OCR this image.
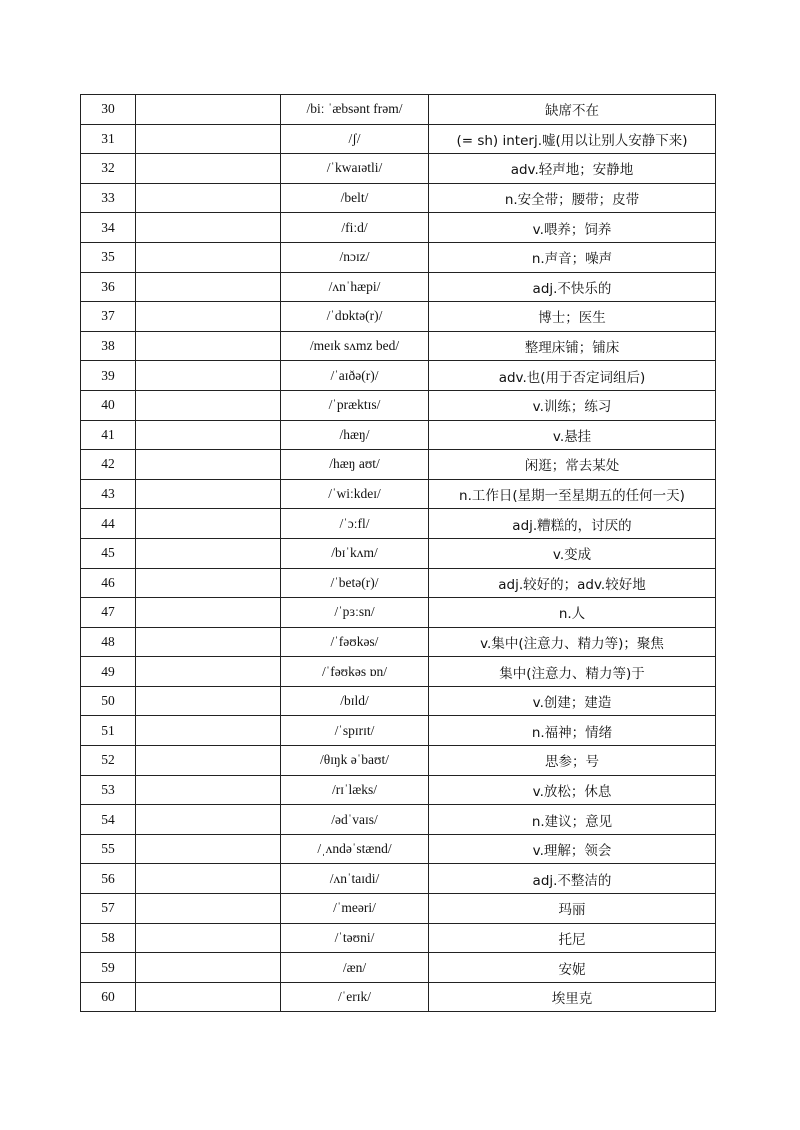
30		/biː ˈæbsənt frəm/	缺席不在
31		/ʃ/	(= sh) interj.嘘(用以让别人安静下来)
32		/ˈkwaɪətli/	adv.轻声地；安静地
33		/belt/	n.安全带；腰带；皮带
34		/fiːd/	v.喂养；饲养
35		/nɔɪz/	n.声音；噪声
36		/ʌnˈhæpi/	adj.不快乐的
37		/ˈdɒktə(r)/	博士；医生
38		/meɪk sʌmz bed/	整理床铺；铺床
39		/ˈaɪðə(r)/	adv.也(用于否定词组后)
40		/ˈpræktɪs/	v.训练；练习
41		/hæŋ/	v.悬挂
42		/hæŋ aʊt/	闲逛；常去某处
43		/ˈwiːkdeɪ/	n.工作日(星期一至星期五的任何一天)
44		/ˈɔːfl/	adj.糟糕的，讨厌的
45		/bɪˈkʌm/	v.变成
46		/ˈbetə(r)/	adj.较好的；adv.较好地
47		/ˈpɜːsn/	n.人
48		/ˈfəʊkəs/	v.集中(注意力、精力等)；聚焦
49		/ˈfəʊkəs ɒn/	集中(注意力、精力等)于
50		/bɪld/	v.创建；建造
51		/ˈspɪrɪt/	n.福神；情绪
52		/θɪŋk əˈbaʊt/	思参；号
53		/rɪˈlæks/	v.放松；休息
54		/ədˈvaɪs/	n.建议；意见
55		/ˌʌndəˈstænd/	v.理解；领会
56		/ʌnˈtaɪdi/	adj.不整洁的
57		/ˈmeəri/	玛丽
58		/ˈtəʊni/	托尼
59		/æn/	安妮
60		/ˈerɪk/	埃里克
